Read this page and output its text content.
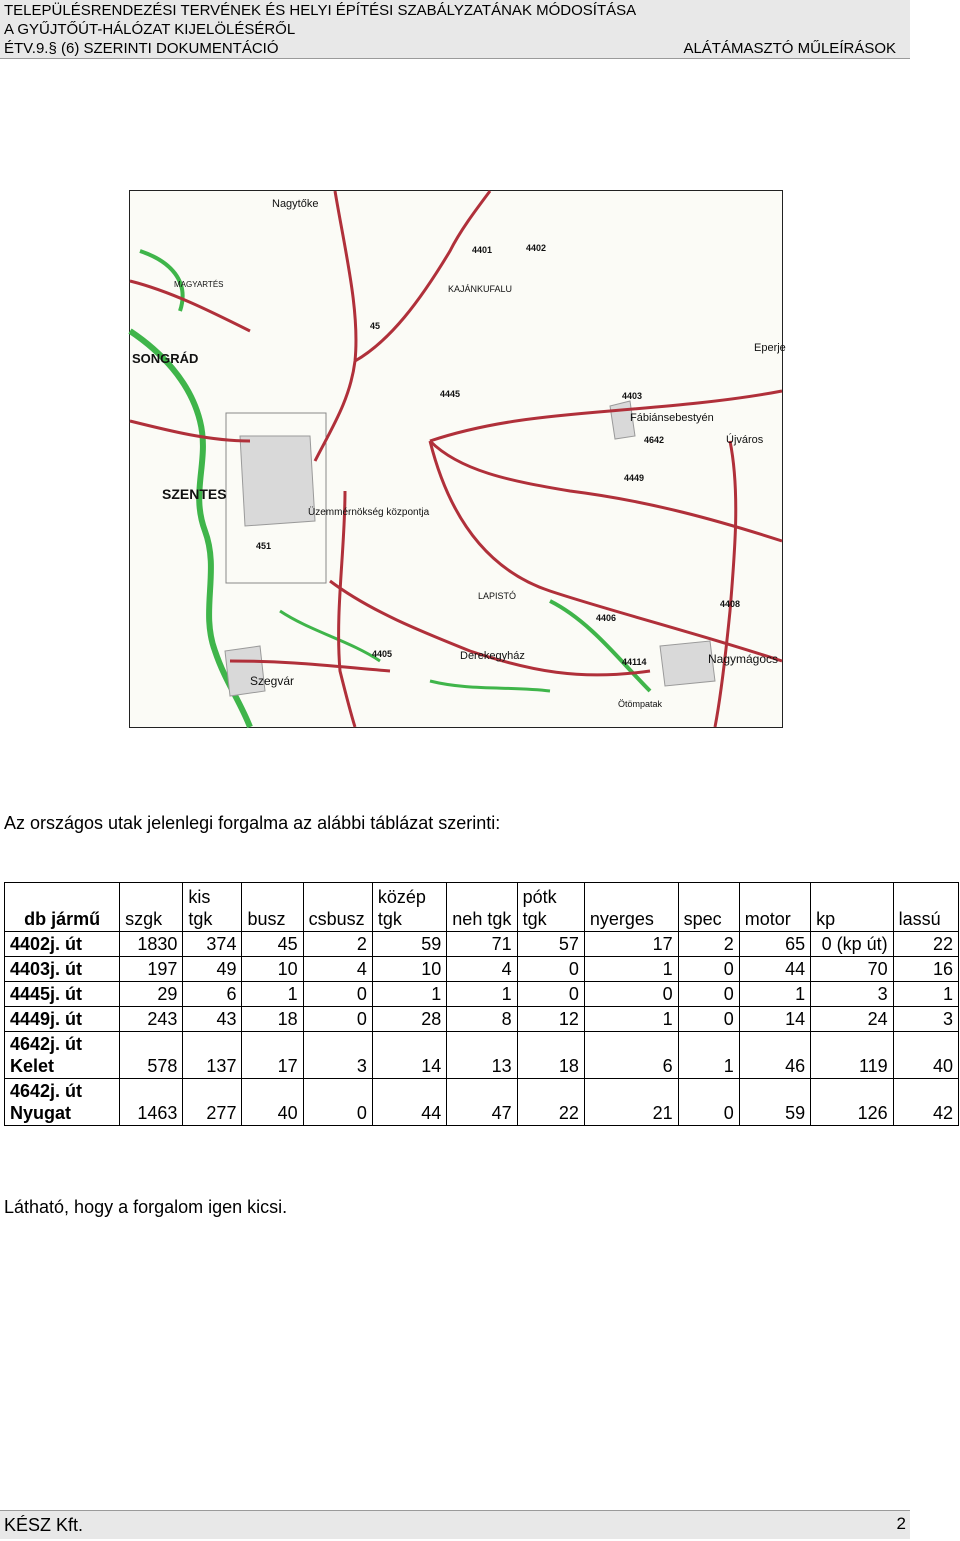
TELEPÜLÉSRENDEZÉSI TERVÉNEK ÉS HELYI ÉPÍTÉSI SZABÁLYZATÁNAK MÓDOSÍTÁSA
A GYŰJTŐÚT-HÁLÓZAT KIJELÖLÉSÉRŐL
ÉTV.9.§ (6) SZERINTI DOKUMENTÁCIÓ	ALÁTÁMASZTÓ MŰLEÍRÁSOK
SONGRÁD
SZENTES
Nagytőke
KAJÁNKUFALU
Fábiánsebestyén
Újváros
Eperje
Üzemmérnökség központja
LAPISTÓ
Derekegyház	Nagymágocs
Szegvár
MAGYARTÉS
Ötömpatak
45
451
4401	4402
4403
4445
4449
4642
4405
4406
4408
44114
Az országos utak jelenlegi forgalma az alábbi táblázat szerinti:
db jármű	szgk	kis tgk	busz	csbusz	közép tgk	neh tgk	pótk tgk	nyerges	spec	motor	kp	lassú
4402j. út	1830	374	45	2	59	71	57	17	2	65	0 (kp út)	22
4403j. út	197	49	10	4	10	4	0	1	0	44	70	16
4445j. út	29	6	1	0	1	1	0	0	0	1	3	1
4449j. út	243	43	18	0	28	8	12	1	0	14	24	3
4642j. út Kelet	578	137	17	3	14	13	18	6	1	46	119	40
4642j. út Nyugat	1463	277	40	0	44	47	22	21	0	59	126	42
Látható, hogy a forgalom igen kicsi.
KÉSZ Kft.	2
